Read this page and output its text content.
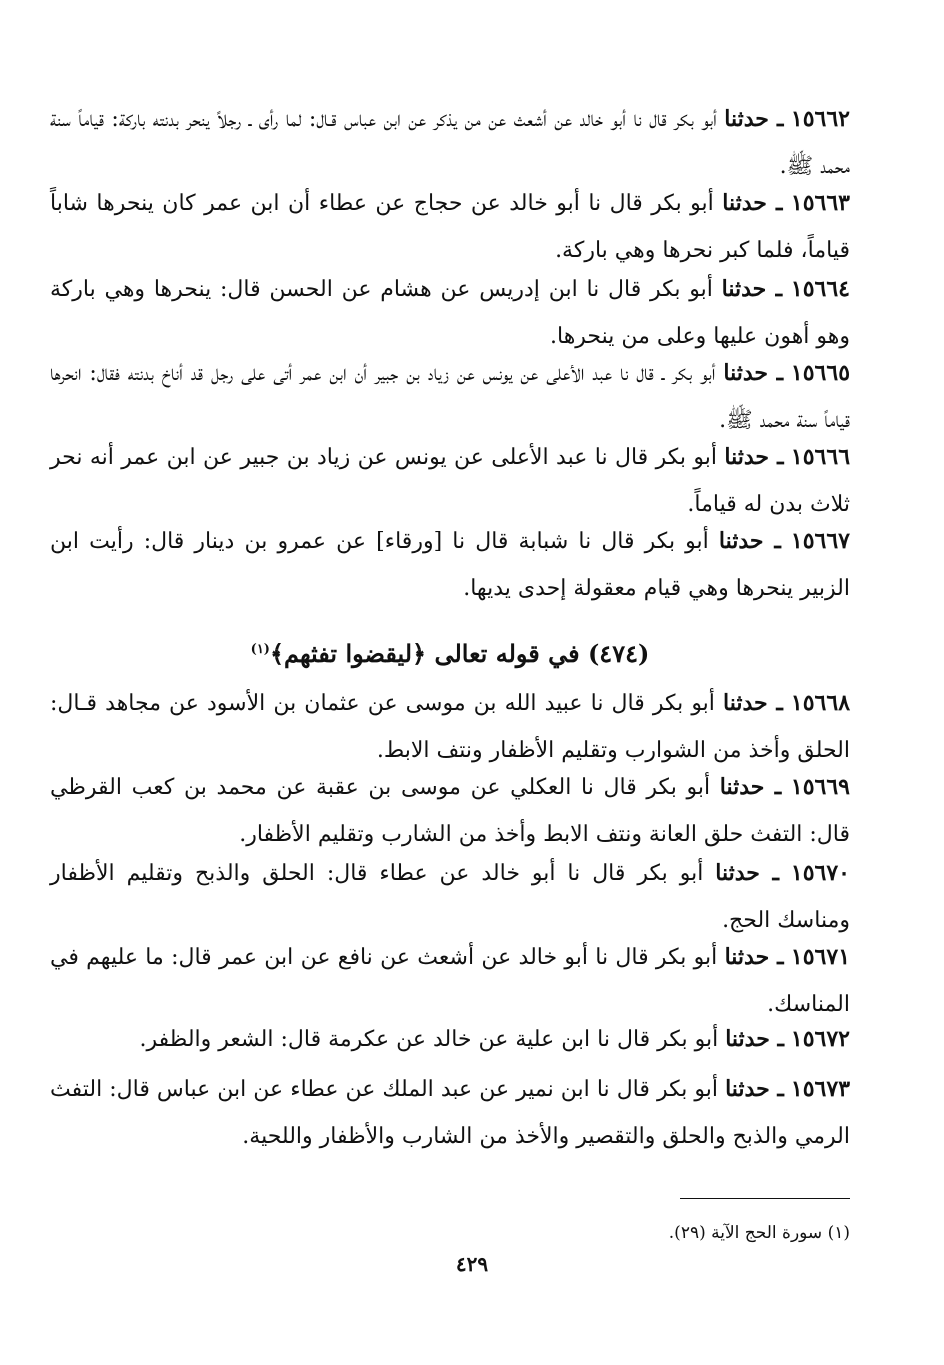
١٥٦٦٢ ـ حدثنا أبو بكر قال نا أبو خالد عن أشعث عن من يذكر عن ابن عباس قـال: لما رأى ـ رجلاً ينحر بدنته باركة: قياماً سنة محمد ﷺ.

١٥٦٦٣ ـ حدثنا أبو بكر قال نا أبو خالد عن حجاج عن عطاء أن ابن عمر كان ينحرها شاباً قياماً، فلما كبر نحرها وهي باركة.

١٥٦٦٤ ـ حدثنا أبو بكر قال نا ابن إدريس عن هشام عن الحسن قال: ينحرها وهي باركة وهو أهون عليها وعلى من ينحرها.

١٥٦٦٥ ـ حدثنا أبو بكر ـ قال نا عبد الأعلى عن يونس عن زياد بن جبير أن ابن عمر أتى على رجل قد أناخ بدنته فقال: انحرها قياماً سنة محمد ﷺ.

١٥٦٦٦ ـ حدثنا أبو بكر قال نا عبد الأعلى عن يونس عن زياد بن جبير عن ابن عمر أنه نحر ثلاث بدن له قياماً.

١٥٦٦٧ ـ حدثنا أبو بكر قال نا شبابة قال نا [ورقاء] عن عمرو بن دينار قال: رأيت ابن الزبير ينحرها وهي قيام معقولة إحدى يديها.

(٤٧٤) في قوله تعالى ﴿ليقضوا تفثهم﴾$^{(١)}$

١٥٦٦٨ ـ حدثنا أبو بكر قال نا عبيد الله بن موسى عن عثمان بن الأسود عن مجاهد قـال: الحلق وأخذ من الشوارب وتقليم الأظفار ونتف الابط.

١٥٦٦٩ ـ حدثنا أبو بكر قال نا العكلي عن موسى بن عقبة عن محمد بن كعب القرظي قال: التفث حلق العانة ونتف الابط وأخذ من الشارب وتقليم الأظفار.

١٥٦٧٠ ـ حدثنا أبو بكر قال نا أبو خالد عن عطاء قال: الحلق والذبح وتقليم الأظفار ومناسك الحج.

١٥٦٧١ ـ حدثنا أبو بكر قال نا أبو خالد عن أشعث عن نافع عن ابن عمر قال: ما عليهم في المناسك.

١٥٦٧٢ ـ حدثنا أبو بكر قال نا ابن علية عن خالد عن عكرمة قال: الشعر والظفر.

١٥٦٧٣ ـ حدثنا أبو بكر قال نا ابن نمير عن عبد الملك عن عطاء عن ابن عباس قال: التفث الرمي والذبح والحلق والتقصير والأخذ من الشارب والأظفار واللحية.

(١) سورة الحج الآية (٢٩).

٤٢٩
